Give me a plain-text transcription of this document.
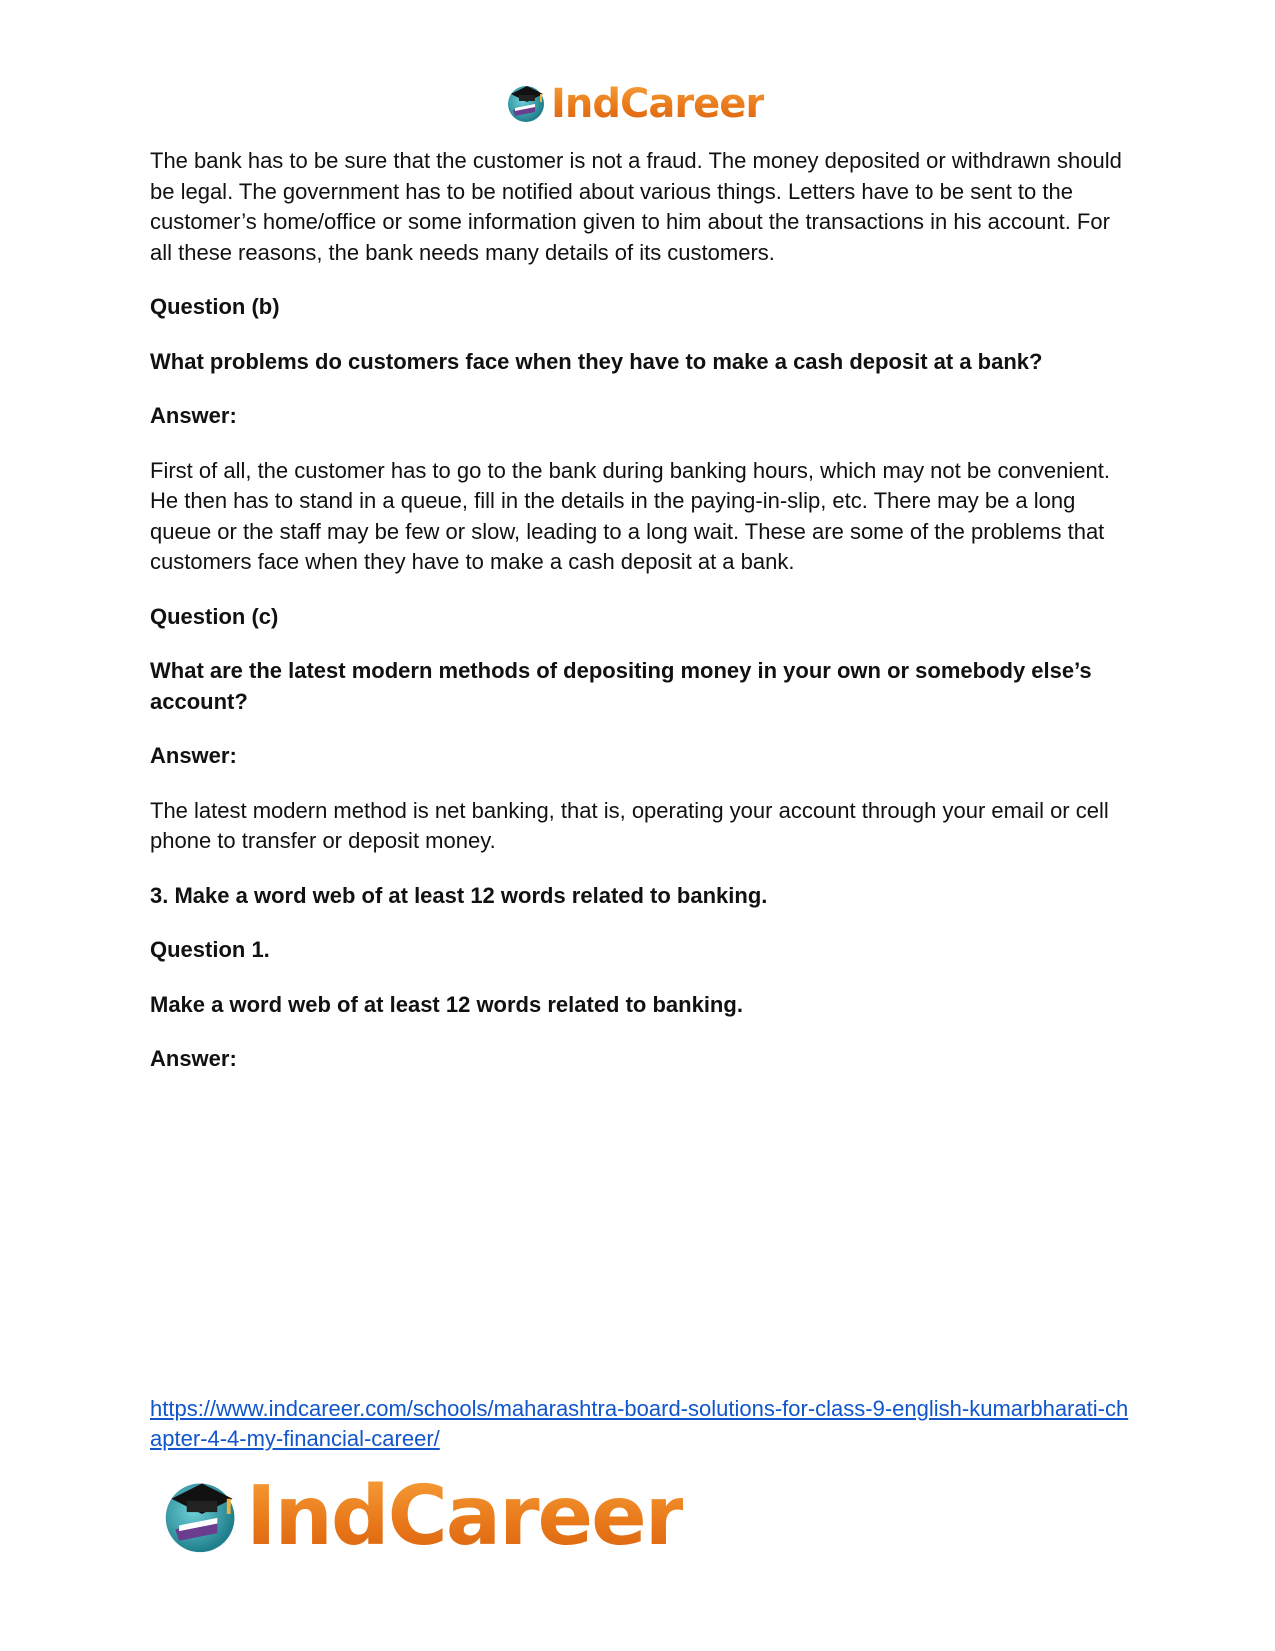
IndCareer

The bank has to be sure that the customer is not a fraud. The money deposited or withdrawn should be legal. The government has to be notified about various things. Letters have to be sent to the customer’s home/office or some information given to him about the transactions in his account. For all these reasons, the bank needs many details of its customers.

Question (b)

What problems do customers face when they have to make a cash deposit at a bank?

Answer:

First of all, the customer has to go to the bank during banking hours, which may not be convenient. He then has to stand in a queue, fill in the details in the paying-in-slip, etc. There may be a long queue or the staff may be few or slow, leading to a long wait. These are some of the problems that customers face when they have to make a cash deposit at a bank.

Question (c)

What are the latest modern methods of depositing money in your own or somebody else’s account?

Answer:

The latest modern method is net banking, that is, operating your account through your email or cell phone to transfer or deposit money.

3. Make a word web of at least 12 words related to banking.

Question 1.

Make a word web of at least 12 words related to banking.

Answer:

https://www.indcareer.com/schools/maharashtra-board-solutions-for-class-9-english-kumarbharati-chapter-4-4-my-financial-career/
IndCareer
